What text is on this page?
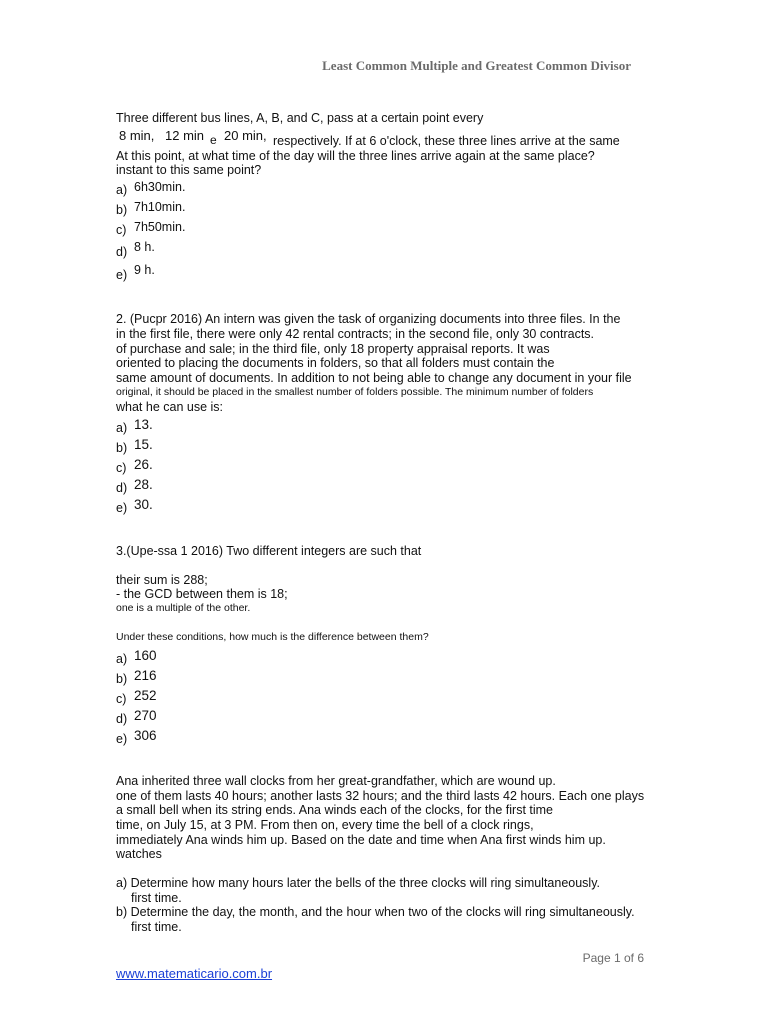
Least Common Multiple and Greatest Common Divisor
Three different bus lines, A, B, and C, pass at a certain point every
8 min, 12 min e 20 min, respectively. If at 6 o'clock, these three lines arrive at the same
At this point, at what time of the day will the three lines arrive again at the same place?
instant to this same point?
a) 6h30min.
b) 7h10min.
c) 7h50min.
d) 8 h.
e) 9 h.
2. (Pucpr 2016) An intern was given the task of organizing documents into three files. In the
in the first file, there were only 42 rental contracts; in the second file, only 30 contracts.
of purchase and sale; in the third file, only 18 property appraisal reports. It was
oriented to placing the documents in folders, so that all folders must contain the
same amount of documents. In addition to not being able to change any document in your file
original, it should be placed in the smallest number of folders possible. The minimum number of folders
what he can use is:
a) 13.
b) 15.
c) 26.
d) 28.
e) 30.
3.(Upe-ssa 1 2016) Two different integers are such that
their sum is 288;
- the GCD between them is 18;
one is a multiple of the other.
Under these conditions, how much is the difference between them?
a) 160
b) 216
c) 252
d) 270
e) 306
Ana inherited three wall clocks from her great-grandfather, which are wound up.
one of them lasts 40 hours; another lasts 32 hours; and the third lasts 42 hours. Each one plays
a small bell when its string ends. Ana winds each of the clocks, for the first time
time, on July 15, at 3 PM. From then on, every time the bell of a clock rings,
immediately Ana winds him up. Based on the date and time when Ana first winds him up.
watches
a) Determine how many hours later the bells of the three clocks will ring simultaneously.
first time.
b) Determine the day, the month, and the hour when two of the clocks will ring simultaneously.
first time.
Page 1 of 6
www.matematicario.com.br
